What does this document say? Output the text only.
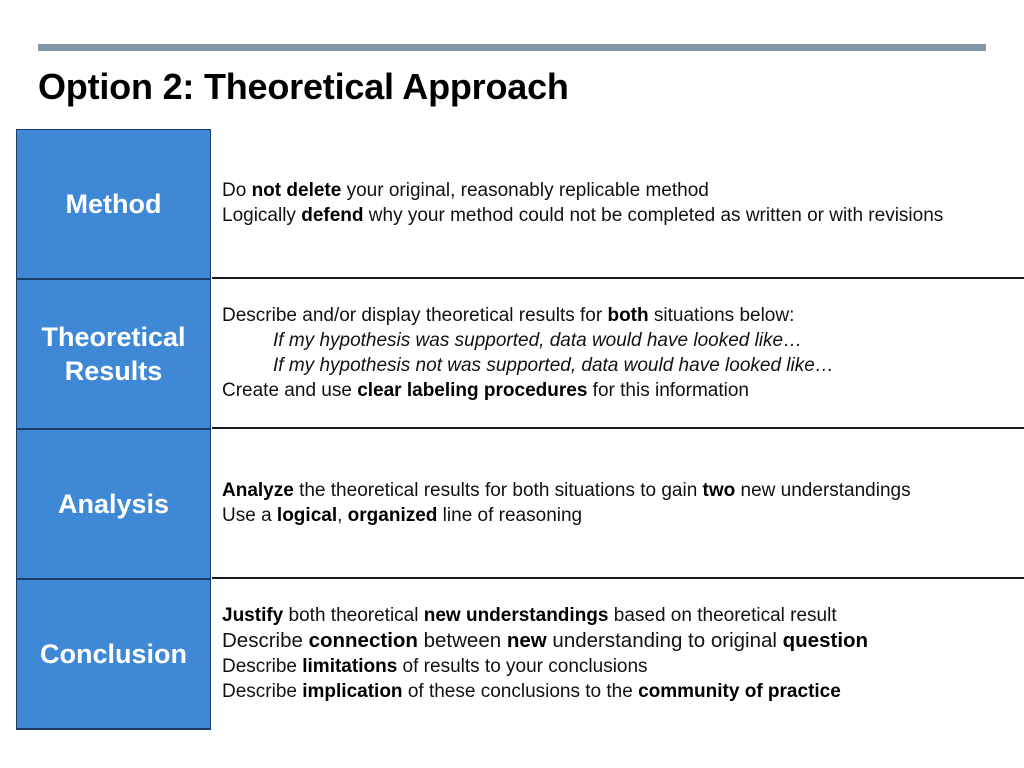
Option 2: Theoretical Approach
Method	Do not delete your original, reasonably replicable method
Logically defend why your method could not be completed as written or with revisions
Theoretical
Results
Describe and/or display theoretical results for both situations below:
If my hypothesis was supported, data would have looked like…
If my hypothesis not was supported, data would have looked like…
Create and use clear labeling procedures for this information
Analysis	Analyze the theoretical results for both situations to gain two new understandings
Use a logical, organized line of reasoning
Conclusion
Justify both theoretical new understandings based on theoretical result
Describe connection between new understanding to original question
Describe limitations of results to your conclusions
Describe implication of these conclusions to the community of practice
